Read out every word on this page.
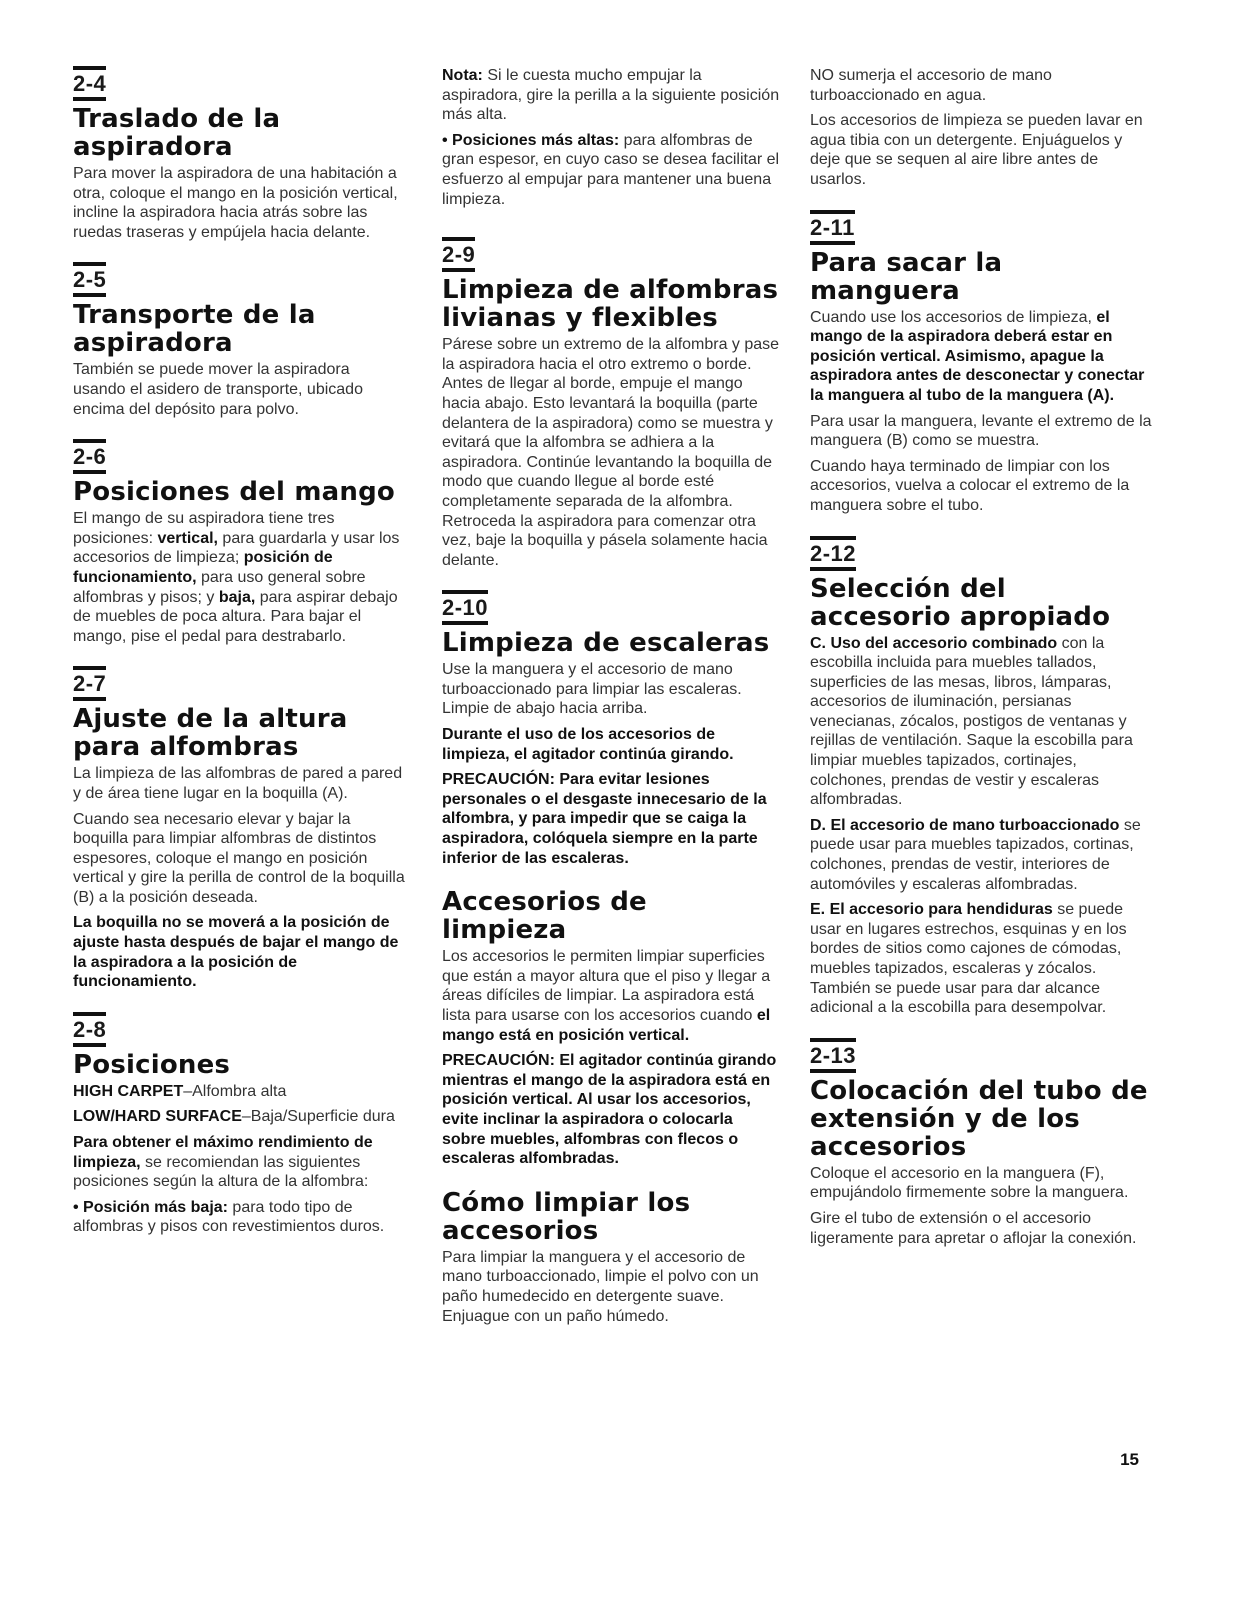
2-4
Traslado de la aspiradora

Para mover la aspiradora de una habitación a otra, coloque el mango en la posición vertical, incline la aspiradora hacia atrás sobre las ruedas traseras y empújela hacia delante.

2-5
Transporte de la aspiradora

También se puede mover la aspiradora usando el asidero de transporte, ubicado encima del depósito para polvo.

2-6
Posiciones del mango

El mango de su aspiradora tiene tres posiciones: vertical, para guardarla y usar los accesorios de limpieza; posición de funcionamiento, para uso general sobre alfombras y pisos; y baja, para aspirar debajo de muebles de poca altura. Para bajar el mango, pise el pedal para destrabarlo.

2-7
Ajuste de la altura para alfombras

La limpieza de las alfombras de pared a pared y de área tiene lugar en la boquilla (A).

Cuando sea necesario elevar y bajar la boquilla para limpiar alfombras de distintos espesores, coloque el mango en posición vertical y gire la perilla de control de la boquilla (B) a la posición deseada.

La boquilla no se moverá a la posición de ajuste hasta después de bajar el mango de la aspiradora a la posición de funcionamiento.

2-8
Posiciones

HIGH CARPET–Alfombra alta

LOW/HARD SURFACE–Baja/Superficie dura

Para obtener el máximo rendimiento de limpieza, se recomiendan las siguientes posiciones según la altura de la alfombra:

• Posición más baja: para todo tipo de alfombras y pisos con revestimientos duros.

Nota: Si le cuesta mucho empujar la aspiradora, gire la perilla a la siguiente posición más alta.

• Posiciones más altas: para alfombras de gran espesor, en cuyo caso se desea facilitar el esfuerzo al empujar para mantener una buena limpieza.

2-9
Limpieza de alfombras livianas y flexibles

Párese sobre un extremo de la alfombra y pase la aspiradora hacia el otro extremo o borde. Antes de llegar al borde, empuje el mango hacia abajo. Esto levantará la boquilla (parte delantera de la aspiradora) como se muestra y evitará que la alfombra se adhiera a la aspiradora. Continúe levantando la boquilla de modo que cuando llegue al borde esté completamente separada de la alfombra. Retroceda la aspiradora para comenzar otra vez, baje la boquilla y pásela solamente hacia delante.

2-10
Limpieza de escaleras

Use la manguera y el accesorio de mano turboaccionado para limpiar las escaleras. Limpie de abajo hacia arriba.

Durante el uso de los accesorios de limpieza, el agitador continúa girando.

PRECAUCIÓN: Para evitar lesiones personales o el desgaste innecesario de la alfombra, y para impedir que se caiga la aspiradora, colóquela siempre en la parte inferior de las escaleras.

Accesorios de limpieza

Los accesorios le permiten limpiar superficies que están a mayor altura que el piso y llegar a áreas difíciles de limpiar. La aspiradora está lista para usarse con los accesorios cuando el mango está en posición vertical.

PRECAUCIÓN: El agitador continúa girando mientras el mango de la aspiradora está en posición vertical. Al usar los accesorios, evite inclinar la aspiradora o colocarla sobre muebles, alfombras con flecos o escaleras alfombradas.

Cómo limpiar los accesorios

Para limpiar la manguera y el accesorio de mano turboaccionado, limpie el polvo con un paño humedecido en detergente suave. Enjuague con un paño húmedo.

NO sumerja el accesorio de mano turboaccionado en agua.

Los accesorios de limpieza se pueden lavar en agua tibia con un detergente. Enjuáguelos y deje que se sequen al aire libre antes de usarlos.

2-11
Para sacar la manguera

Cuando use los accesorios de limpieza, el mango de la aspiradora deberá estar en posición vertical. Asimismo, apague la aspiradora antes de desconectar y conectar la manguera al tubo de la manguera (A).

Para usar la manguera, levante el extremo de la manguera (B) como se muestra.

Cuando haya terminado de limpiar con los accesorios, vuelva a colocar el extremo de la manguera sobre el tubo.

2-12
Selección del accesorio apropiado

C. Uso del accesorio combinado con la escobilla incluida para muebles tallados, superficies de las mesas, libros, lámparas, accesorios de iluminación, persianas venecianas, zócalos, postigos de ventanas y rejillas de ventilación. Saque la escobilla para limpiar muebles tapizados, cortinajes, colchones, prendas de vestir y escaleras alfombradas.

D. El accesorio de mano turboaccionado se puede usar para muebles tapizados, cortinas, colchones, prendas de vestir, interiores de automóviles y escaleras alfombradas.

E. El accesorio para hendiduras se puede usar en lugares estrechos, esquinas y en los bordes de sitios como cajones de cómodas, muebles tapizados, escaleras y zócalos. También se puede usar para dar alcance adicional a la escobilla para desempolvar.

2-13
Colocación del tubo de extensión y de los accesorios

Coloque el accesorio en la manguera (F), empujándolo firmemente sobre la manguera.

Gire el tubo de extensión o el accesorio ligeramente para apretar o aflojar la conexión.

15
